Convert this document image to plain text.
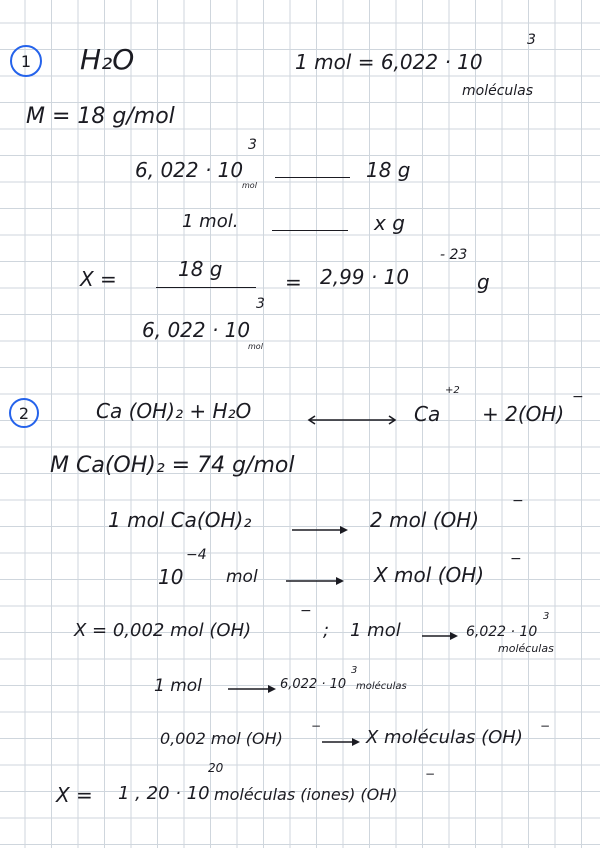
1 H₂O	1 mol = 6,022 · 10
3
moléculas
M = 18 g/mol
6, 022 · 10
3
mol
18 g
1 mol.	x g
X =	18 g
6, 022 · 10
3
mol
= 2,99 · 10
- 23
g
2	Ca (OH)₂ + H₂O	Ca
+2
+ 2(OH)
−
M Ca(OH)₂ = 74 g/mol
1 mol Ca(OH)₂	2 mol (OH)
−
10
−4
mol	X mol (OH)
−
X = 0,002 mol (OH)
−
; 1 mol	6,022 · 10
3
moléculas
1 mol	6,022 · 10
3
moléculas
0,002 mol (OH)
−
X moléculas (OH)
−
X = 1 , 20 · 10
20
moléculas (iones) (OH)
−
